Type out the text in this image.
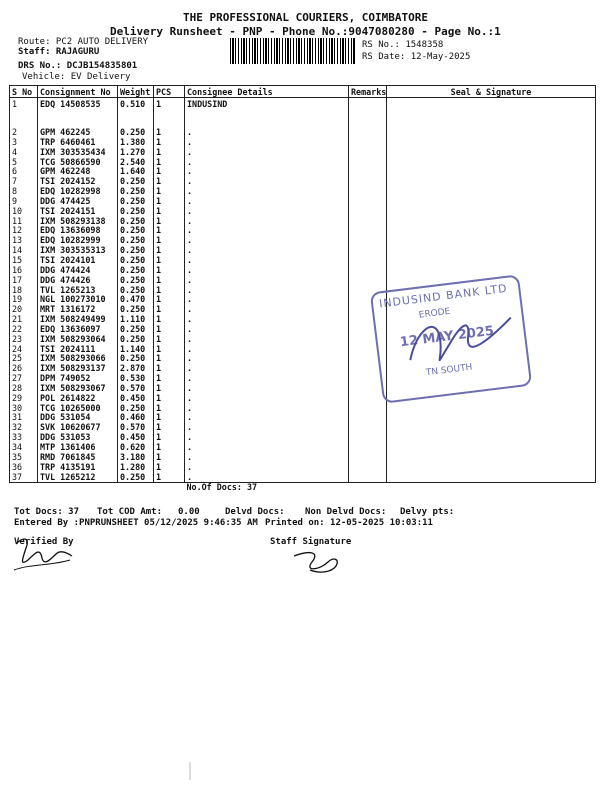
THE PROFESSIONAL COURIERS, COIMBATORE
Delivery Runsheet - PNP - Phone No.:9047080280 - Page No.:1
Route: PC2 AUTO DELIVERY
Staff: RAJAGURU
DRS No.: DCJB154835801
Vehicle: EV Delivery
RS No.: 1548358
RS Date: 12-May-2025
S No	Consignment No	Weight	PCS	Consignee Details	Remarks	Seal & Signature
1	EDQ 14508535	0.510	1	INDUSIND		

2	GPM 462245	0.250	1	.		
3	TRP 6460461	1.380	1	.		
4	IXM 303535434	1.270	1	.		
5	TCG 50866590	2.540	1	.		
6	GPM 462248	1.640	1	.		
7	TSI 2024152	0.250	1	.		
8	EDQ 10282998	0.250	1	.		
9	DDG 474425	0.250	1	.		
10	TSI 2024151	0.250	1	.		
11	IXM 508293138	0.250	1	.		
12	EDQ 13636098	0.250	1	.		
13	EDQ 10282999	0.250	1	.		
14	IXM 303535313	0.250	1	.		
15	TSI 2024101	0.250	1	.		
16	DDG 474424	0.250	1	.		
17	DDG 474426	0.250	1	.		
18	TVL 1265213	0.250	1	.		
19	NGL 100273010	0.470	1	.		
20	MRT 1316172	0.250	1	.		
21	IXM 508249499	1.110	1	.		
22	EDQ 13636097	0.250	1	.		
23	IXM 508293064	0.250	1	.		
24	TSI 2024111	1.140	1	.		
25	IXM 508293066	0.250	1	.		
26	IXM 508293137	2.870	1	.		
27	DPM 749052	0.530	1	.		
28	IXM 508293067	0.570	1	.		
29	POL 2614822	0.450	1	.		
30	TCG 10265000	0.250	1	.		
31	DDG 531054	0.460	1	.		
32	SVK 10620677	0.570	1	.		
33	DDG 531053	0.450	1	.		
34	MTP 1361406	0.620	1	.		
35	RMD 7061845	3.180	1	.		
36	TRP 4135191	1.280	1	.		
37	TVL 1265212	0.250	1	.		
				No.Of Docs: 37		
INDUSIND BANK LTD
ERODE
12 MAY 2025
TN SOUTH
Tot Docs: 37 Tot COD Amt: 0.00	Delvd Docs: Non Delvd Docs: Delvy pts:
Entered By :PNPRUNSHEET 05/12/2025 9:46:35 AM Printed on: 12-05-2025 10:03:11
Verified By	Staff Signature
